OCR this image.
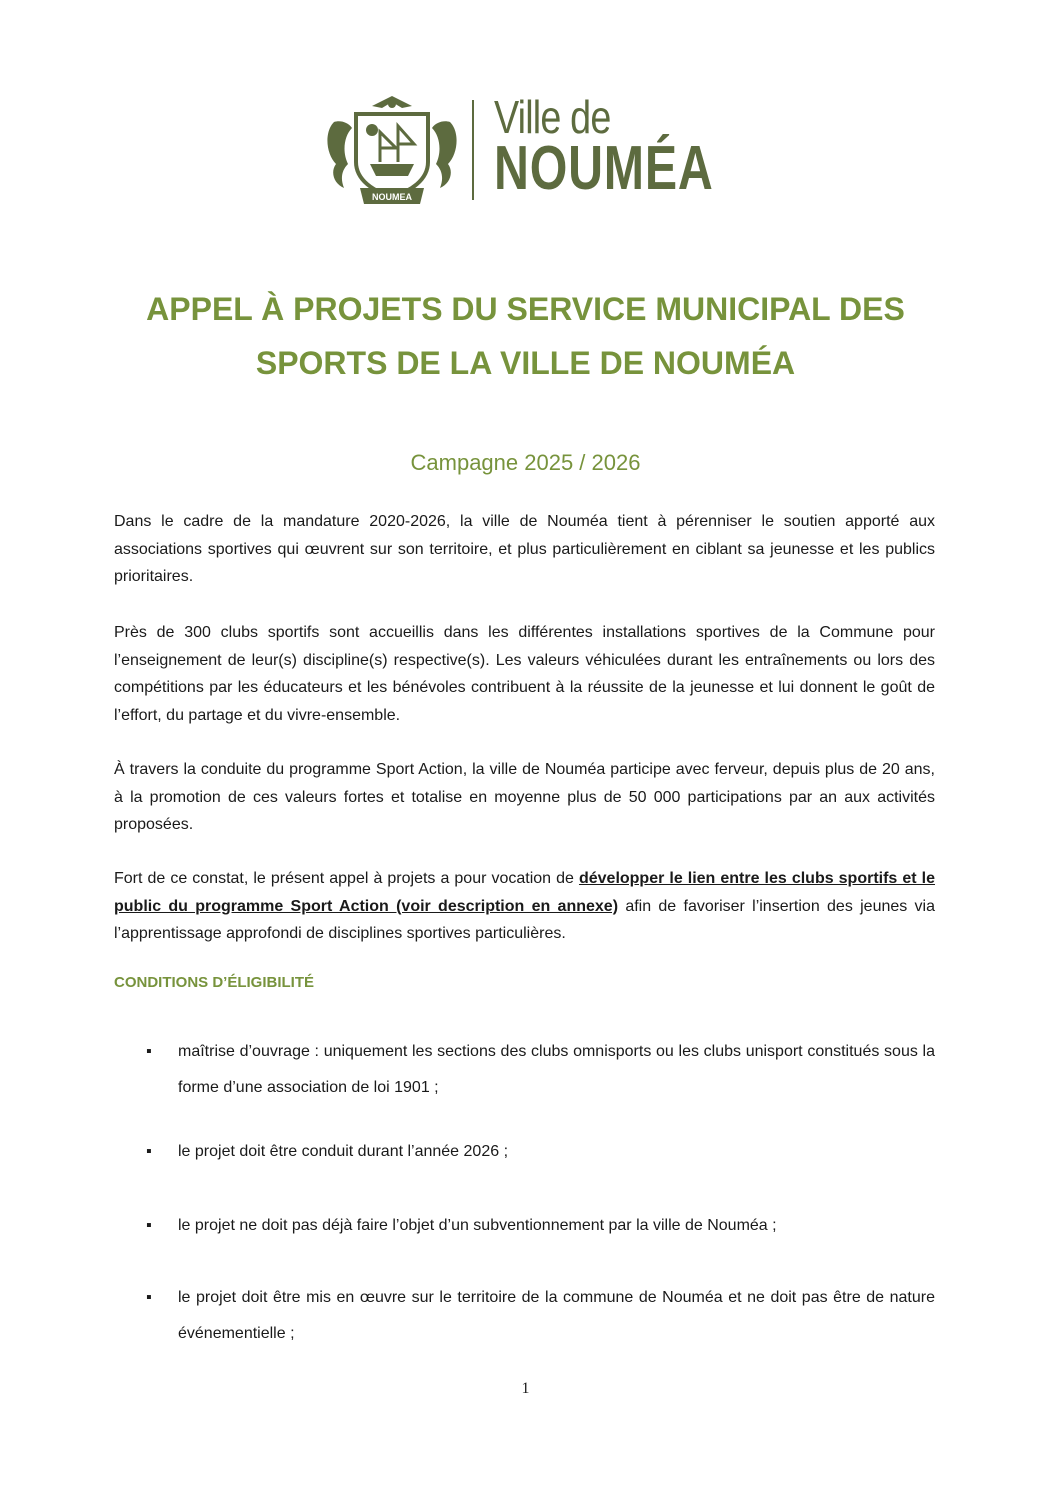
NOUMEA
Ville de
NOUMÉA
APPEL À PROJETS DU SERVICE MUNICIPAL DES
SPORTS DE LA VILLE DE NOUMÉA
Campagne 2025 / 2026

Dans le cadre de la mandature 2020-2026, la ville de Nouméa tient à pérenniser le soutien apporté aux associations sportives qui œuvrent sur son territoire, et plus particulièrement en ciblant sa jeunesse et les publics prioritaires.

Près de 300 clubs sportifs sont accueillis dans les différentes installations sportives de la Commune pour l’enseignement de leur(s) discipline(s) respective(s). Les valeurs véhiculées durant les entraînements ou lors des compétitions par les éducateurs et les bénévoles contribuent à la réussite de la jeunesse et lui donnent le goût de l’effort, du partage et du vivre-ensemble.

À travers la conduite du programme Sport Action, la ville de Nouméa participe avec ferveur, depuis plus de 20 ans, à la promotion de ces valeurs fortes et totalise en moyenne plus de 50 000 participations par an aux activités proposées.

Fort de ce constat, le présent appel à projets a pour vocation de développer le lien entre les clubs sportifs et le public du programme Sport Action (voir description en annexe) afin de favoriser l’insertion des jeunes via l’apprentissage approfondi de disciplines sportives particulières.

CONDITIONS D’ÉLIGIBILITÉ
▪ maîtrise d’ouvrage : uniquement les sections des clubs omnisports ou les clubs unisport constitués sous la forme d’une association de loi 1901 ;
▪ le projet doit être conduit durant l’année 2026 ;
▪ le projet ne doit pas déjà faire l’objet d’un subventionnement par la ville de Nouméa ;
▪ le projet doit être mis en œuvre sur le territoire de la commune de Nouméa et ne doit pas être de nature événementielle ;
1
